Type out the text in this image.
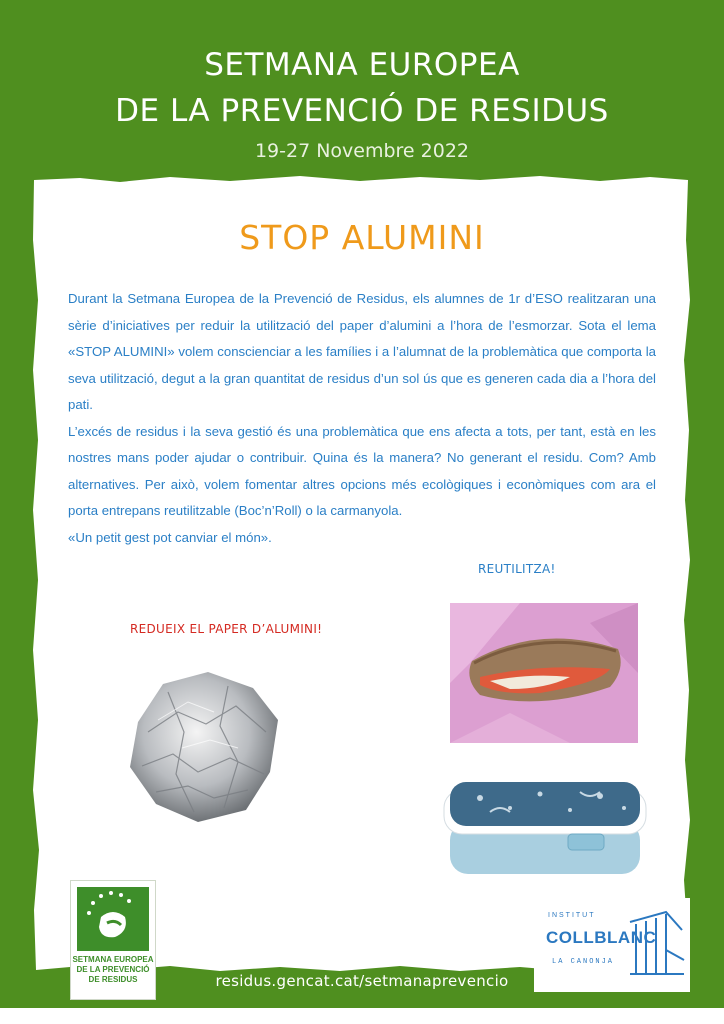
SETMANA EUROPEA
DE LA PREVENCIÓ DE RESIDUS
19-27 Novembre 2022
STOP ALUMINI

Durant la Setmana Europea de la Prevenció de Residus, els alumnes de 1r d’ESO realitzaran una sèrie d’iniciatives per reduir la utilització del paper d’alumini a l’hora de l’esmorzar. Sota el lema «STOP ALUMINI» volem conscienciar a les famílies i a l’alumnat de la problemàtica que comporta la seva utilització, degut a la gran quantitat de residus d’un sol ús que es generen cada dia a l’hora del pati.

L’excés de residus i la seva gestió és una problemàtica que ens afecta a tots, per tant, està en les nostres mans poder ajudar o contribuir. Quina és la manera? No generant el residu. Com? Amb alternatives. Per això, volem fomentar altres opcions més ecològiques i econòmiques com ara el porta entrepans reutilitzable (Boc’n’Roll) o la carmanyola.

«Un petit gest pot canviar el món».

REUTILITZA!
REDUEIX EL PAPER D’ALUMINI!
SETMANA EUROPEA
DE LA PREVENCIÓ
DE RESIDUS	residus.gencat.cat/setmanaprevencio
INSTITUT
COLLBLANC
LA CANONJA
